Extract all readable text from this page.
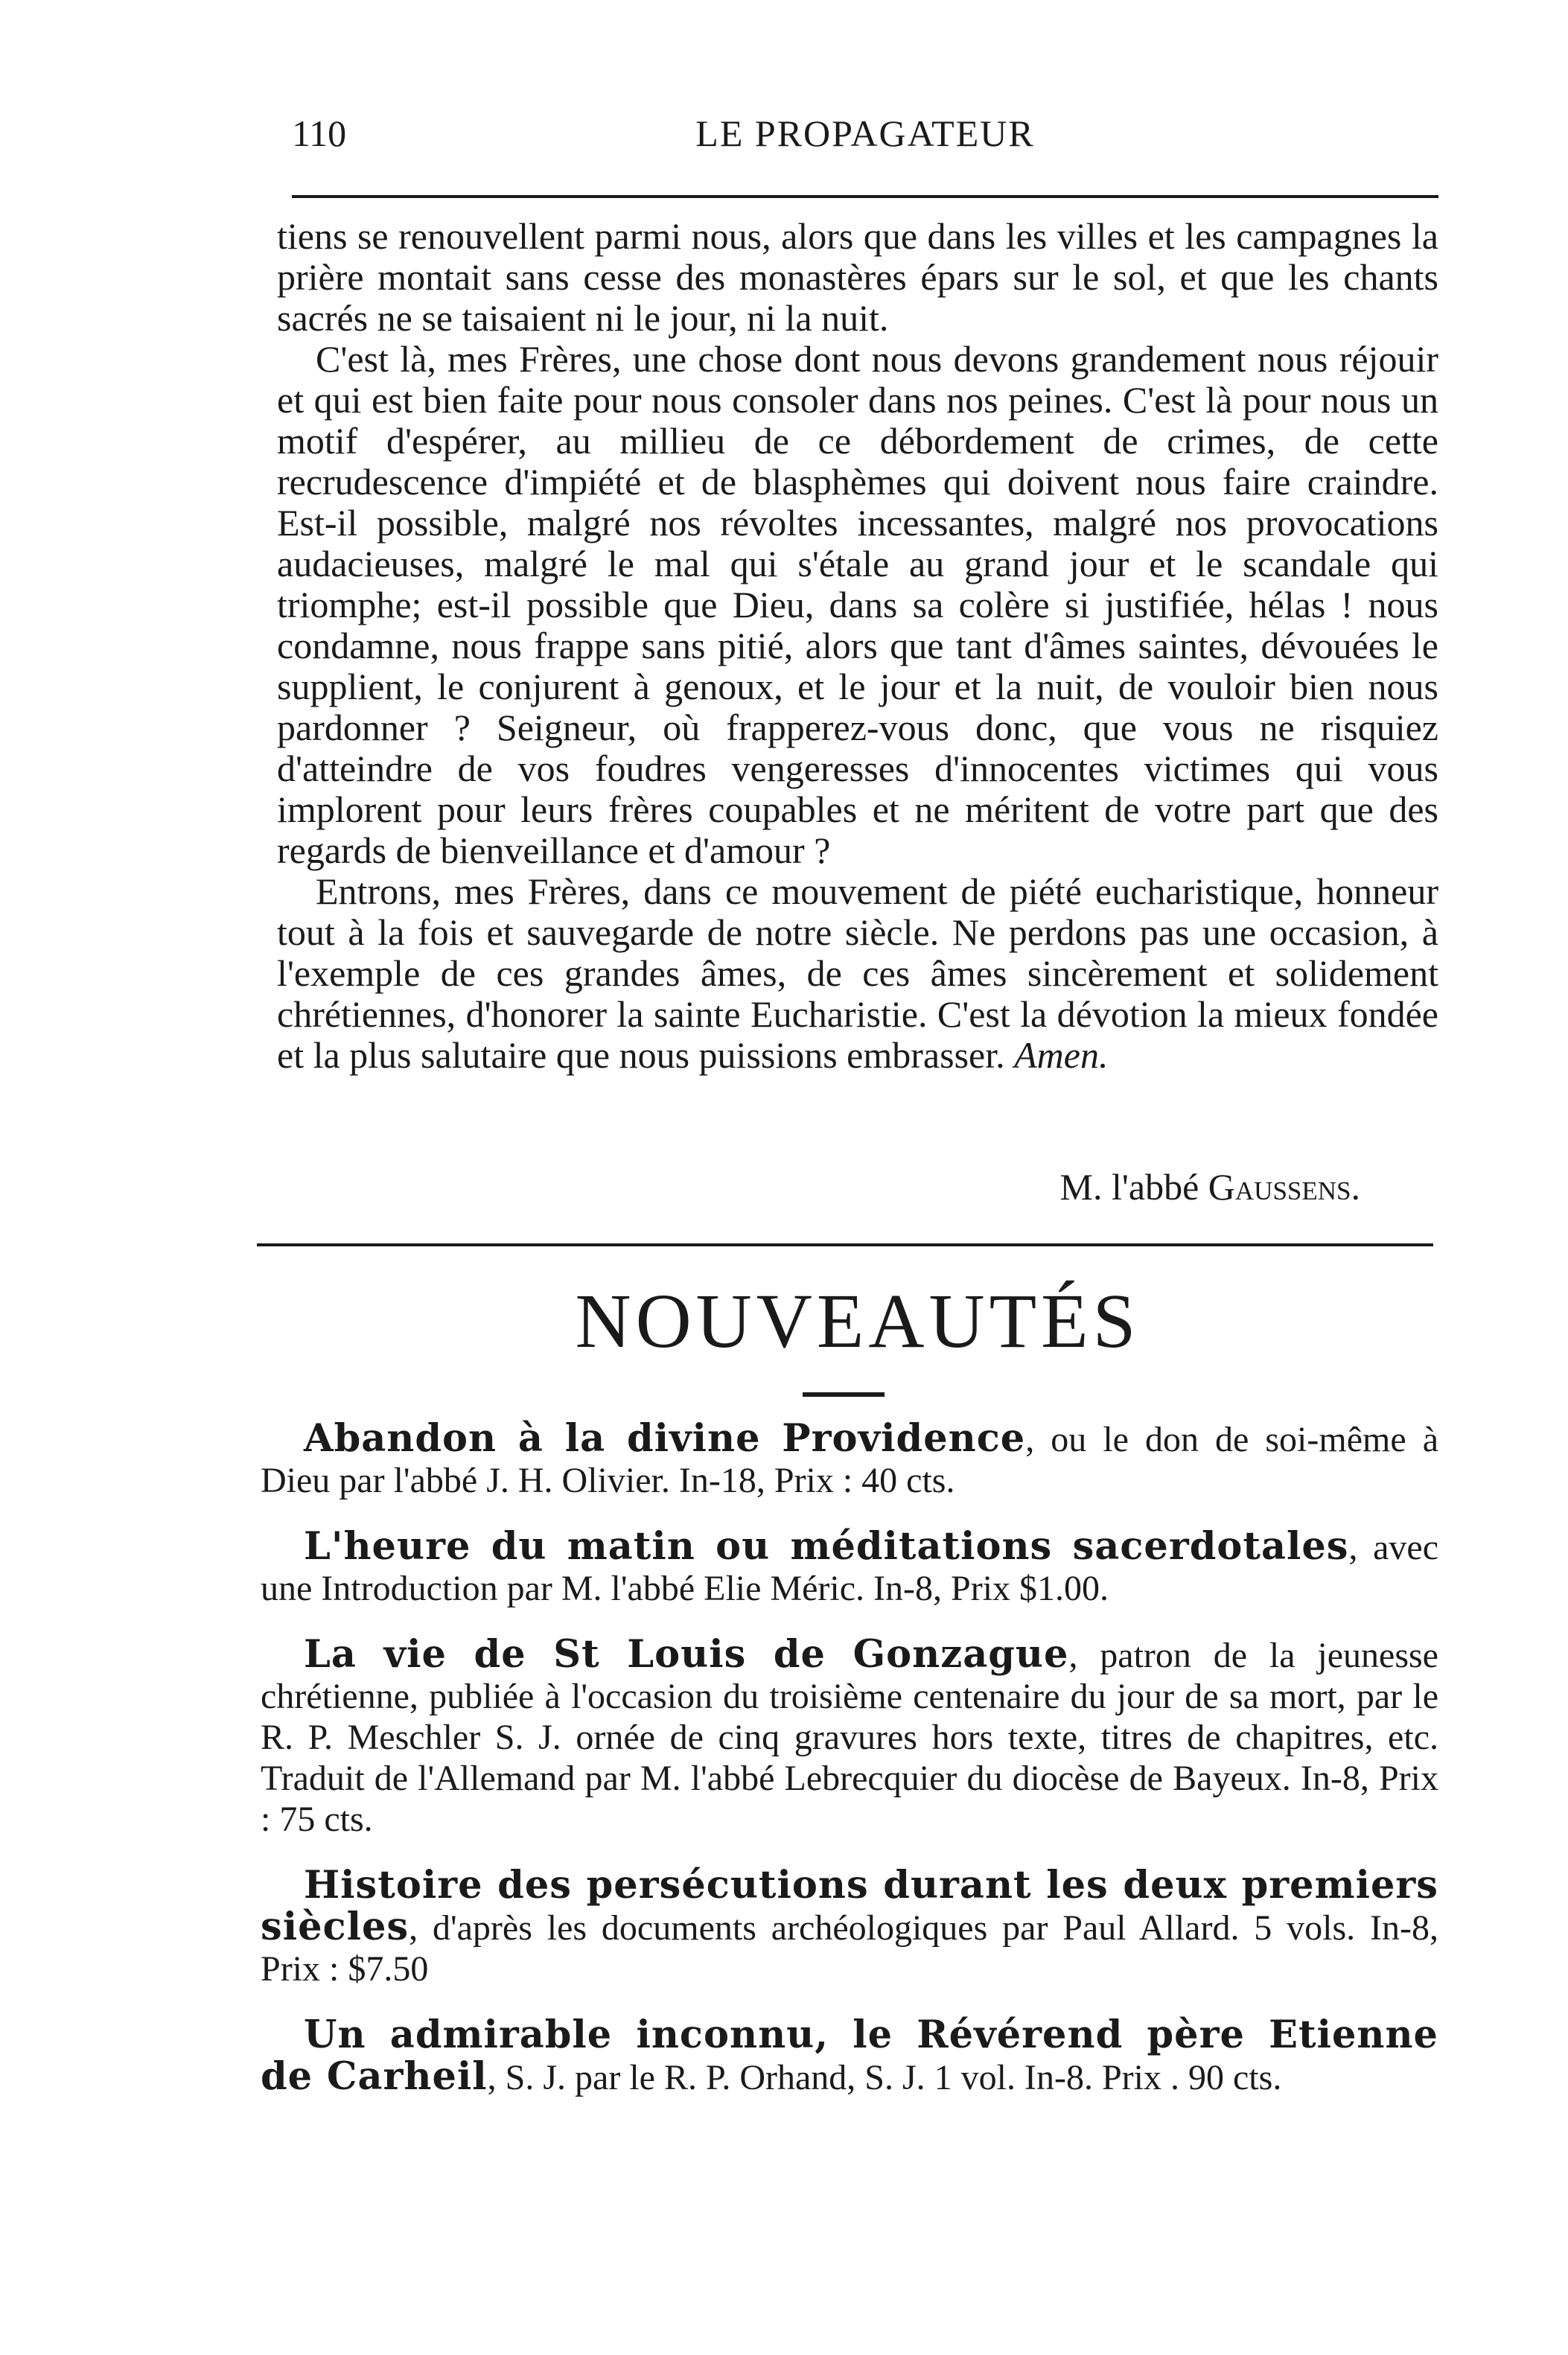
110	LE PROPAGATEUR

tiens se renouvellent parmi nous, alors que dans les villes et les campagnes la prière montait sans cesse des monastères épars sur le sol, et que les chants sacrés ne se taisaient ni le jour, ni la nuit.

C'est là, mes Frères, une chose dont nous devons grandement nous réjouir et qui est bien faite pour nous consoler dans nos peines. C'est là pour nous un motif d'espérer, au millieu de ce débordement de crimes, de cette recrudescence d'impiété et de blasphèmes qui doivent nous faire craindre. Est-il possible, malgré nos révoltes incessantes, malgré nos provocations audacieuses, malgré le mal qui s'étale au grand jour et le scandale qui triomphe; est-il possible que Dieu, dans sa colère si justifiée, hélas ! nous condamne, nous frappe sans pitié, alors que tant d'âmes saintes, dévouées le supplient, le conjurent à genoux, et le jour et la nuit, de vouloir bien nous pardonner ? Seigneur, où frapperez-vous donc, que vous ne risquiez d'atteindre de vos foudres vengeresses d'innocentes victimes qui vous implorent pour leurs frères coupables et ne méritent de votre part que des regards de bienveillance et d'amour ?

Entrons, mes Frères, dans ce mouvement de piété eucharistique, honneur tout à la fois et sauvegarde de notre siècle. Ne perdons pas une occasion, à l'exemple de ces grandes âmes, de ces âmes sincèrement et solidement chrétiennes, d'honorer la sainte Eucharistie. C'est la dévotion la mieux fondée et la plus salutaire que nous puissions embrasser. Amen.

M. l'abbé Gaussens.
NOUVEAUTÉS

Abandon à la divine Providence, ou le don de soi-même à Dieu par l'abbé J. H. Olivier. In-18, Prix : 40 cts.

L'heure du matin ou méditations sacerdotales, avec une Introduction par M. l'abbé Elie Méric. In-8, Prix $1.00.

La vie de St Louis de Gonzague, patron de la jeunesse chrétienne, publiée à l'occasion du troisième centenaire du jour de sa mort, par le R. P. Meschler S. J. ornée de cinq gravures hors texte, titres de chapitres, etc. Traduit de l'Allemand par M. l'abbé Lebrecquier du diocèse de Bayeux. In-8, Prix : 75 cts.

Histoire des persécutions durant les deux premiers siècles, d'après les documents archéologiques par Paul Allard. 5 vols. In-8, Prix : $7.50

Un admirable inconnu, le Révérend père Etienne de Carheil, S. J. par le R. P. Orhand, S. J. 1 vol. In-8. Prix . 90 cts.
